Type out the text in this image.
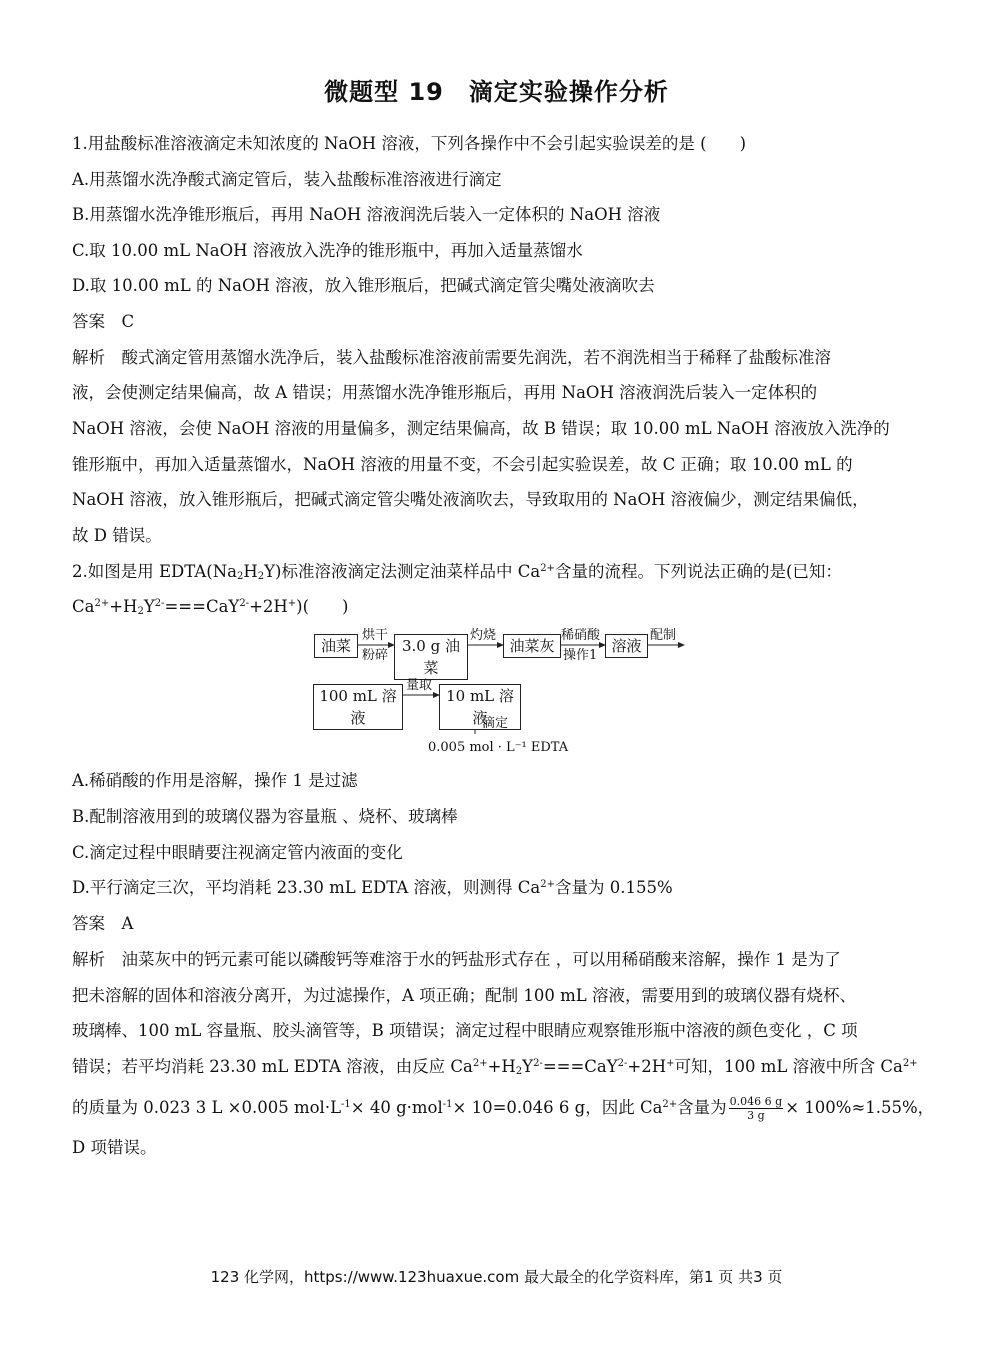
微题型 19　滴定实验操作分析
1.用盐酸标准溶液滴定未知浓度的 NaOH 溶液，下列各操作中不会引起实验误差的是 (　　)
A.用蒸馏水洗净酸式滴定管后，装入盐酸标准溶液进行滴定
B.用蒸馏水洗净锥形瓶后，再用 NaOH 溶液润洗后装入一定体积的 NaOH 溶液
C.取 10.00 mL NaOH 溶液放入洗净的锥形瓶中，再加入适量蒸馏水
D.取 10.00 mL 的 NaOH 溶液，放入锥形瓶后，把碱式滴定管尖嘴处液滴吹去
答案　C
解析　酸式滴定管用蒸馏水洗净后，装入盐酸标准溶液前需要先润洗，若不润洗相当于稀释了盐酸标准溶
液，会使测定结果偏高，故 A 错误；用蒸馏水洗净锥形瓶后，再用 NaOH 溶液润洗后装入一定体积的
NaOH 溶液，会使 NaOH 溶液的用量偏多，测定结果偏高，故 B 错误；取 10.00 mL NaOH 溶液放入洗净的
锥形瓶中，再加入适量蒸馏水，NaOH 溶液的用量不变，不会引起实验误差，故 C 正确；取 10.00 mL 的
NaOH 溶液，放入锥形瓶后，把碱式滴定管尖嘴处液滴吹去，导致取用的 NaOH 溶液偏少，测定结果偏低，
故 D 错误。
2.如图是用 $EDTA(Na_2H_2Y)$标准溶液滴定法测定油菜样品中 $Ca^{2+}$含量的流程。下列说法正确的是(已知：
$Ca^{2+}+H_2Y^{2-}===CaY^{2-}+2H^+$)(　　)
油菜
烘干
粉碎
3.0 g 油菜
灼烧
油菜灰
稀硝酸
操作1
溶液
配制
100 mL 溶液
量取
10 mL 溶液
滴定
0.005 mol · L⁻¹ EDTA
A.稀硝酸的作用是溶解，操作 1 是过滤
B.配制溶液用到的玻璃仪器为容量瓶 、烧杯、玻璃棒
C.滴定过程中眼睛要注视滴定管内液面的变化
D.平行滴定三次，平均消耗 23.30 mL EDTA 溶液，则测得 $Ca^{2+}$含量为 0.155%
答案　A
解析　油菜灰中的钙元素可能以磷酸钙等难溶于水的钙盐形式存在 ，可以用稀硝酸来溶解，操作 1 是为了
把未溶解的固体和溶液分离开，为过滤操作，A 项正确；配制 100 mL 溶液，需要用到的玻璃仪器有烧杯、
玻璃棒、100 mL 容量瓶、胶头滴管等，B 项错误；滴定过程中眼睛应观察锥形瓶中溶液的颜色变化 ，C 项
错误；若平均消耗 23.30 mL EDTA 溶液，由反应 $Ca^{2+}+H_2Y^{2-}===CaY^{2-}+2H^+$可知，100 mL 溶液中所含 $Ca^{2+}$
的质量为 0.023 3 L ×0.005 $mol\cdot L^{-1}\times 40$ g·mol$^{-1}$× 10=0.046 6 g，因此 $Ca^{2+}$含量为 $\frac{0.046 6 g}{3 g} \times 100\%\approx 1.55\%$，
D 项错误。
123 化学网，https://www.123huaxue.com 最大最全的化学资料库，第1 页 共3 页
